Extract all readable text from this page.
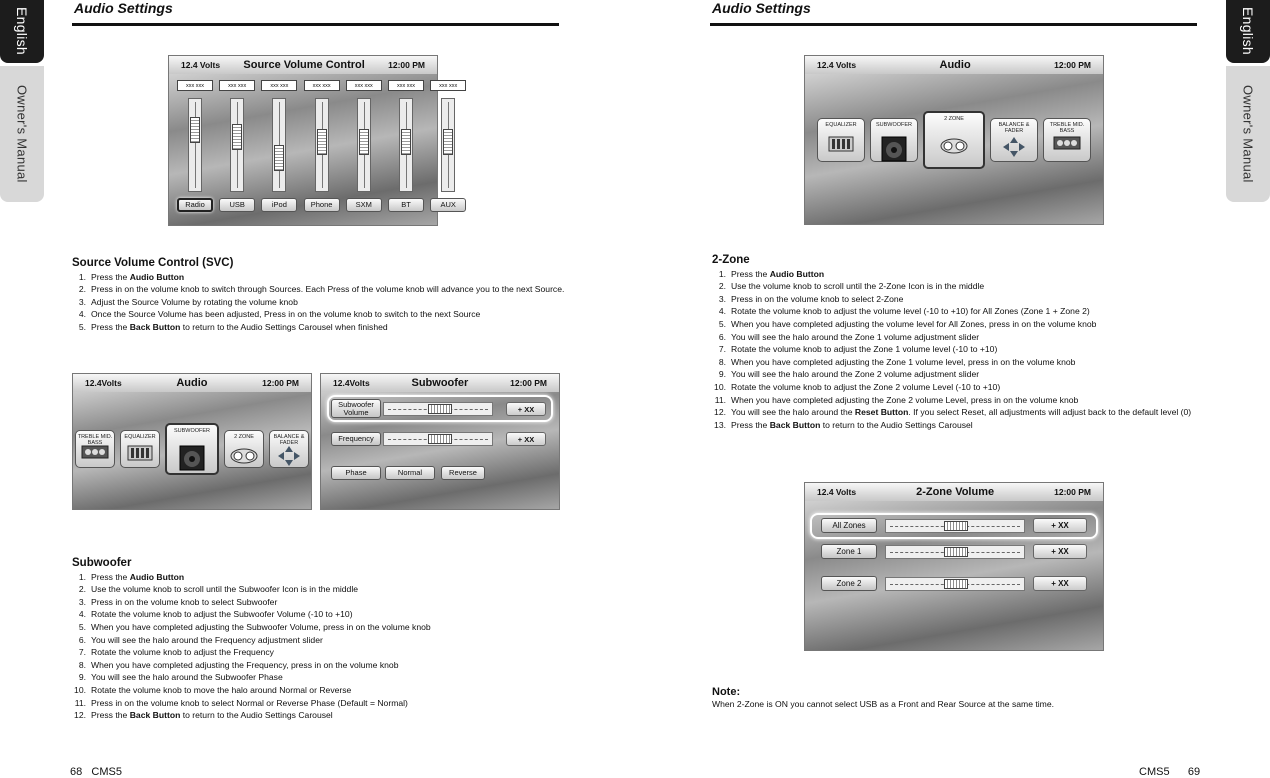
English
Owner's Manual
English
Owner's Manual
Audio Settings
12.4 Volts Source Volume Control	12:00 PM
xxx xxx
Radio
xxx xxx
USB
xxx xxx
iPod
xxx xxx
Phone
xxx xxx
SXM
xxx xxx
BT
xxx xxx
AUX
Source Volume Control (SVC)
1. Press the Audio Button
2. Press in on the volume knob to switch through Sources. Each Press of the volume knob will advance you to the next Source.
3. Adjust the Source Volume by rotating the volume knob
4. Once the Source Volume has been adjusted, Press in on the volume knob to switch to the next Source
5. Press the Back Button to return to the Audio Settings Carousel when finished
12.4Volts	Audio	12:00 PM
TREBLE MID. BASS
EQUALIZER
SUBWOOFER
2 ZONE	BALANCE & FADER
12.4Volts	Subwoofer	12:00 PM
Subwoofer Volume	+ XX
Frequency	+ XX
Phase	Normal	Reverse
Subwoofer
1. Press the Audio Button
2. Use the volume knob to scroll until the Subwoofer Icon is in the middle
3. Press in on the volume knob to select Subwoofer
4. Rotate the volume knob to adjust the Subwoofer Volume (-10 to +10)
5. When you have completed adjusting the Subwoofer Volume, press in on the volume knob
6. You will see the halo around the Frequency adjustment slider
7. Rotate the volume knob to adjust the Frequency
8. When you have completed adjusting the Frequency, press in on the volume knob
9. You will see the halo around the Subwoofer Phase
10. Rotate the volume knob to move the halo around Normal or Reverse
11. Press in on the volume knob to select Normal or Reverse Phase (Default = Normal)
12. Press the Back Button to return to the Audio Settings Carousel
68 CMS5
Audio Settings
12.4 Volts	Audio	12:00 PM
EQUALIZER	SUBWOOFER
2 ZONE
BALANCE & FADER
TREBLE MID. BASS
2-Zone
1. Press the Audio Button
2. Use the volume knob to scroll until the 2-Zone Icon is in the middle
3. Press in on the volume knob to select 2-Zone
4. Rotate the volume knob to adjust the volume level (-10 to +10) for All Zones (Zone 1 + Zone 2)
5. When you have completed adjusting the volume level for All Zones, press in on the volume knob
6. You will see the halo around the Zone 1 volume adjustment slider
7. Rotate the volume knob to adjust the Zone 1 volume level (-10 to +10)
8. When you have completed adjusting the Zone 1 volume level, press in on the volume knob
9. You will see the halo around the Zone 2 volume adjustment slider
10. Rotate the volume knob to adjust the Zone 2 volume Level (-10 to +10)
11. When you have completed adjusting the Zone 2 volume Level, press in on the volume knob
12. You will see the halo around the Reset Button. If you select Reset, all adjustments will adjust back to the default level (0)
13. Press the Back Button to return to the Audio Settings Carousel
12.4 Volts	2-Zone Volume	12:00 PM
All Zones	+ XX
Zone 1	+ XX
Zone 2	+ XX
Note:
When 2-Zone is ON you cannot select USB as a Front and Rear Source at the same time.
CMS5 69
